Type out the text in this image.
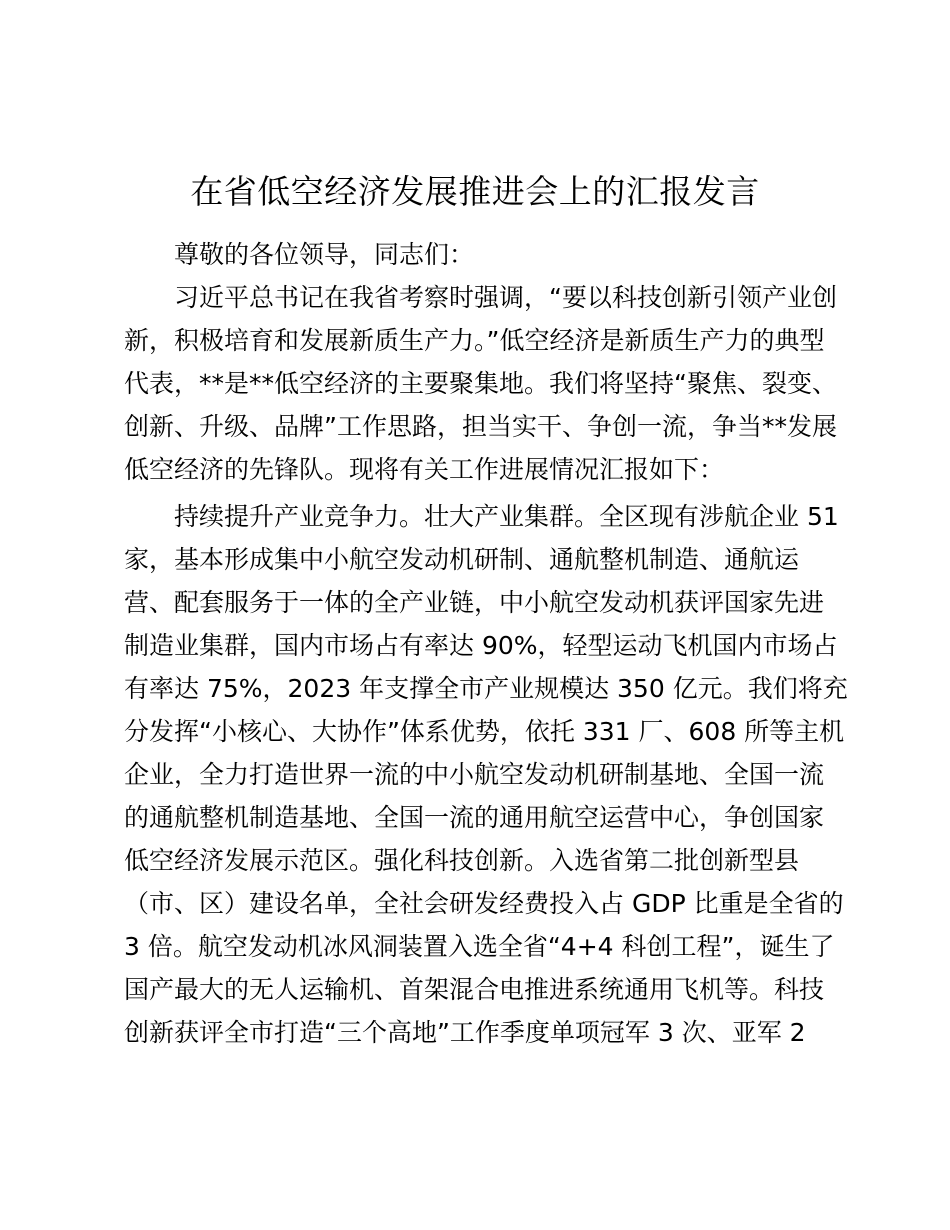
在省低空经济发展推进会上的汇报发言

尊敬的各位领导，同志们：

习近平总书记在我省考察时强调，“要以科技创新引领产业创

新，积极培育和发展新质生产力。”低空经济是新质生产力的典型

代表，**是**低空经济的主要聚集地。我们将坚持“聚焦、裂变、

创新、升级、品牌”工作思路，担当实干、争创一流，争当**发展

低空经济的先锋队。现将有关工作进展情况汇报如下：

持续提升产业竞争力。壮大产业集群。全区现有涉航企业 51

家，基本形成集中小航空发动机研制、通航整机制造、通航运

营、配套服务于一体的全产业链，中小航空发动机获评国家先进

制造业集群，国内市场占有率达 90%，轻型运动飞机国内市场占

有率达 75%，2023 年支撑全市产业规模达 350 亿元。我们将充

分发挥“小核心、大协作”体系优势，依托 331 厂、608 所等主机

企业，全力打造世界一流的中小航空发动机研制基地、全国一流

的通航整机制造基地、全国一流的通用航空运营中心，争创国家

低空经济发展示范区。强化科技创新。入选省第二批创新型县

（市、区）建设名单，全社会研发经费投入占 GDP 比重是全省的

3 倍。航空发动机冰风洞装置入选全省“4+4 科创工程”，诞生了

国产最大的无人运输机、首架混合电推进系统通用飞机等。科技

创新获评全市打造“三个高地”工作季度单项冠军 3 次、亚军 2
